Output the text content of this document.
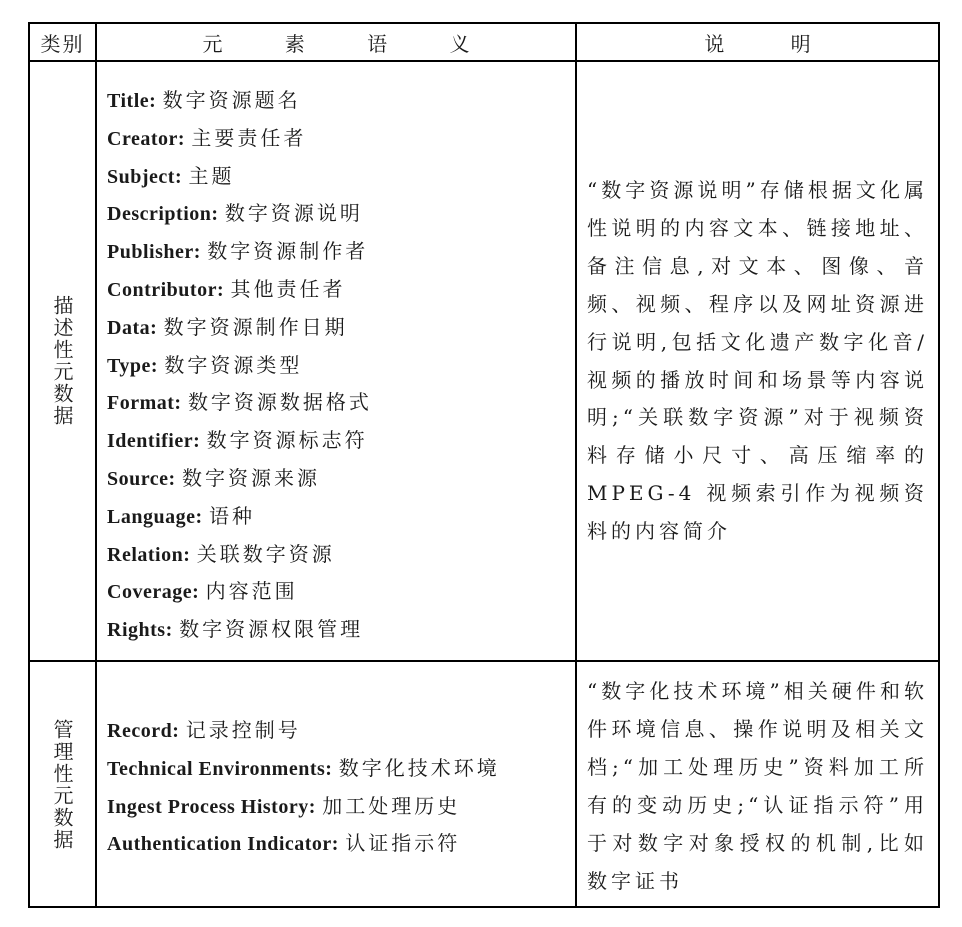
类别	元 素 语 义	说 明
描述性元数据
Title: 数字资源题名
Creator: 主要责任者
Subject: 主题
Description: 数字资源说明
Publisher: 数字资源制作者
Contributor: 其他责任者
Data: 数字资源制作日期
Type: 数字资源类型
Format: 数字资源数据格式
Identifier: 数字资源标志符
Source: 数字资源来源
Language: 语种
Relation: 关联数字资源
Coverage: 内容范围
Rights: 数字资源权限管理

“数字资源说明”存储根据文化属性说明的内容文本、链接地址、备注信息,对文本、图像、音频、视频、程序以及网址资源进行说明,包括文化遗产数字化音/视频的播放时间和场景等内容说明;“关联数字资源”对于视频资料存储小尺寸、高压缩率的 MPEG-4 视频索引作为视频资料的内容简介

管理性元数据 Record: 记录控制号
Technical Environments: 数字化技术环境
Ingest Process History: 加工处理历史
Authentication Indicator: 认证指示符

“数字化技术环境”相关硬件和软件环境信息、操作说明及相关文档;“加工处理历史”资料加工所有的变动历史;“认证指示符”用于对数字对象授权的机制,比如数字证书
